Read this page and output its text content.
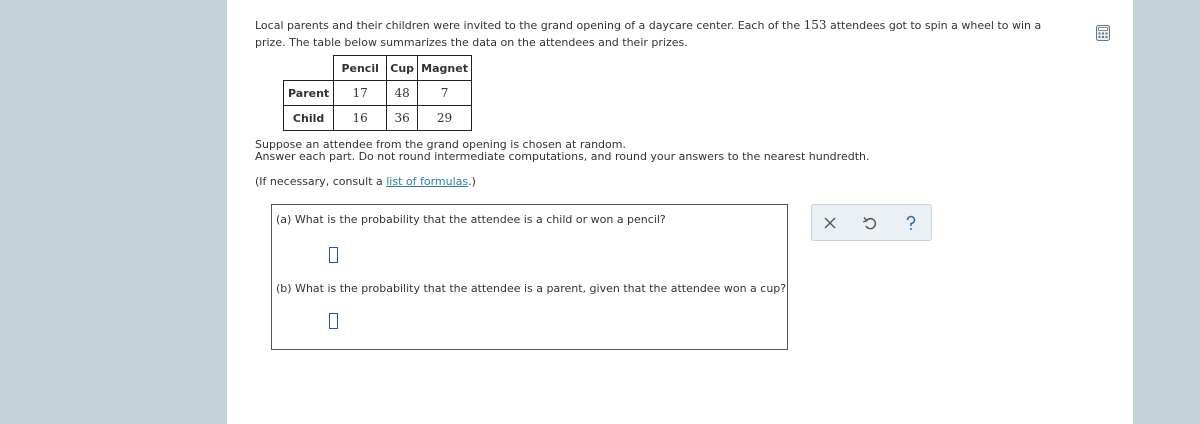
Local parents and their children were invited to the grand opening of a daycare center. Each of the 153 attendees got to spin a wheel to win a prize. The table below summarizes the data on the attendees and their prizes.

	Pencil	Cup	Magnet
Parent	17	48	7
Child	16	36	29
Suppose an attendee from the grand opening is chosen at random.
Answer each part. Do not round intermediate computations, and round your answers to the nearest hundredth.
(If necessary, consult a list of formulas.)
(a) What is the probability that the attendee is a child or won a pencil?
(b) What is the probability that the attendee is a parent, given that the attendee won a cup?
